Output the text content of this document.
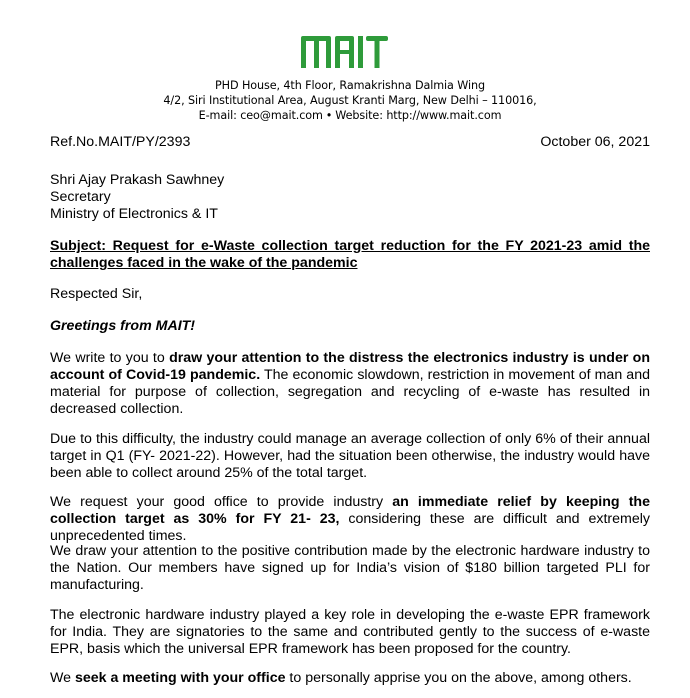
PHD House, 4th Floor, Ramakrishna Dalmia Wing
4/2, Siri Institutional Area, August Kranti Marg, New Delhi – 110016,
E-mail: ceo@mait.com • Website: http://www.mait.com
Ref.No.MAIT/PY/2393	October 06, 2021
Shri Ajay Prakash Sawhney
Secretary
Ministry of Electronics & IT
Subject: Request for e-Waste collection target reduction for the FY 2021-23 amid the challenges faced in the wake of the pandemic
Respected Sir,
Greetings from MAIT!
We write to you to draw your attention to the distress the electronics industry is under on account of Covid-19 pandemic. The economic slowdown, restriction in movement of man and material for purpose of collection, segregation and recycling of e-waste has resulted in decreased collection.
Due to this difficulty, the industry could manage an average collection of only 6% of their annual target in Q1 (FY- 2021-22). However, had the situation been otherwise, the industry would have been able to collect around 25% of the total target.
We request your good office to provide industry an immediate relief by keeping the collection target as 30% for FY 21- 23, considering these are difficult and extremely unprecedented times.
We draw your attention to the positive contribution made by the electronic hardware industry to the Nation. Our members have signed up for India’s vision of $180 billion targeted PLI for manufacturing.
The electronic hardware industry played a key role in developing the e-waste EPR framework for India. They are signatories to the same and contributed gently to the success of e-waste EPR, basis which the universal EPR framework has been proposed for the country.
We seek a meeting with your office to personally apprise you on the above, among others.
